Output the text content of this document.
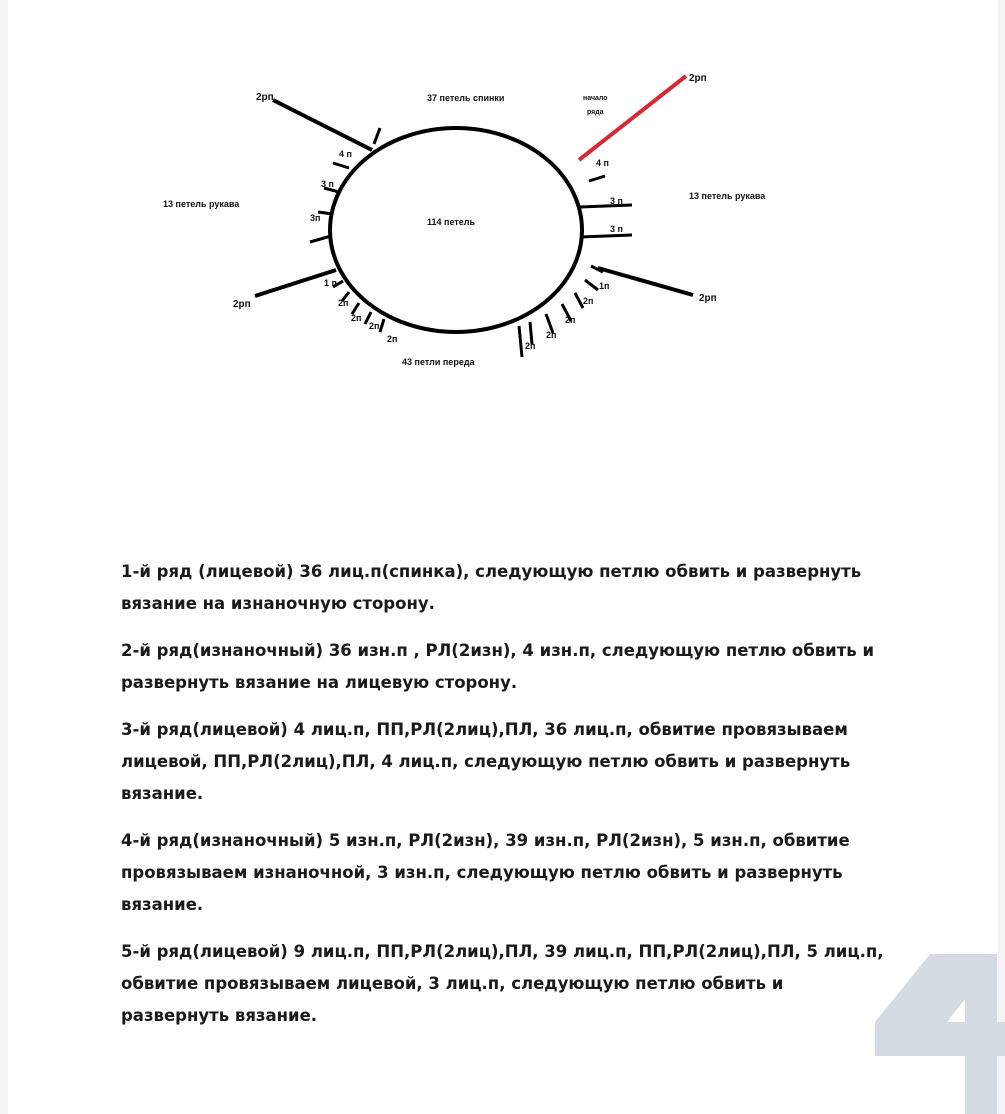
37 петель спинки
43 петли переда
114 петель
13 петель рукава
13 петель рукава
начало
ряда
2рп
2рп
2рп
2рп
4 п
3 п
3п
1 п
2п
2п
2п
2п
4 п
3 п
3 п
1п
2п
2п
2п
2п

1-й ряд (лицевой) 36 лиц.п(спинка), следующую петлю обвить и развернуть вязание на изнаночную сторону.

2-й ряд(изнаночный) 36 изн.п , РЛ(2изн), 4 изн.п, следующую петлю обвить и развернуть вязание на лицевую сторону.

3-й ряд(лицевой) 4 лиц.п, ПП,РЛ(2лиц),ПЛ, 36 лиц.п, обвитие провязываем лицевой, ПП,РЛ(2лиц),ПЛ, 4 лиц.п, следующую петлю обвить и развернуть вязание.

4-й ряд(изнаночный) 5 изн.п, РЛ(2изн), 39 изн.п, РЛ(2изн), 5 изн.п, обвитие провязываем изнаночной, 3 изн.п, следующую петлю обвить и развернуть вязание.

5-й ряд(лицевой) 9 лиц.п, ПП,РЛ(2лиц),ПЛ, 39 лиц.п, ПП,РЛ(2лиц),ПЛ, 5 лиц.п, обвитие провязываем лицевой, 3 лиц.п, следующую петлю обвить и развернуть вязание.
